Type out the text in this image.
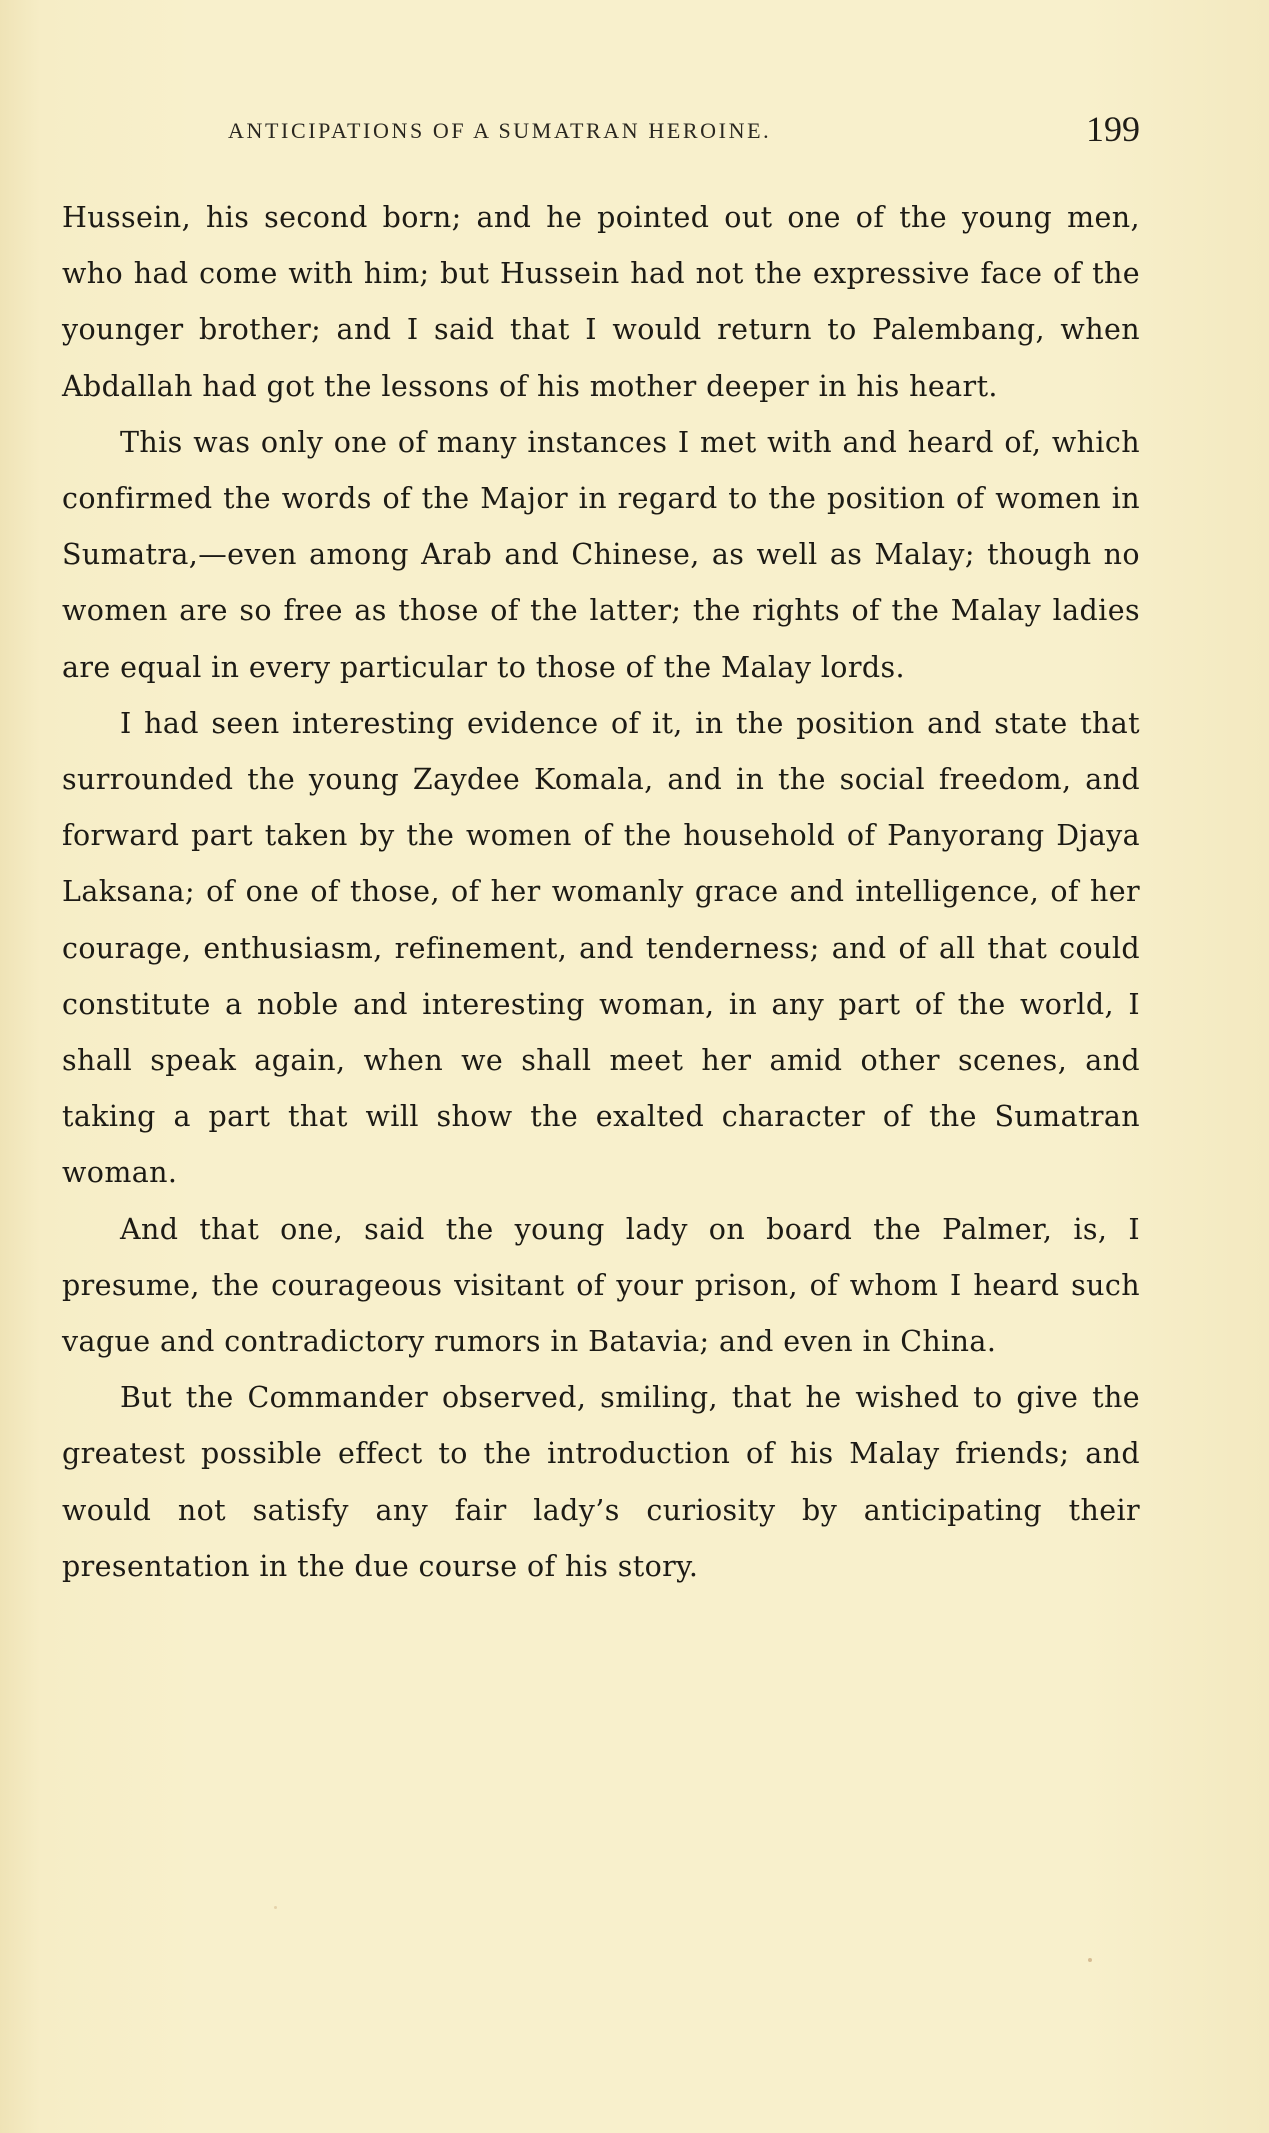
ANTICIPATIONS OF A SUMATRAN HEROINE.	199

Hussein, his second born; and he pointed out one of the young men, who had come with him; but Hussein had not the expressive face of the younger brother; and I said that I would return to Palembang, when Abdallah had got the lessons of his mother deeper in his heart.

This was only one of many instances I met with and heard of, which confirmed the words of the Major in regard to the position of women in Sumatra,—even among Arab and Chinese, as well as Malay; though no women are so free as those of the latter; the rights of the Malay ladies are equal in every particular to those of the Malay lords.

I had seen interesting evidence of it, in the position and state that surrounded the young Zaydee Komala, and in the social freedom, and forward part taken by the women of the household of Panyorang Djaya Laksana; of one of those, of her womanly grace and intelligence, of her courage, enthusiasm, refinement, and tenderness; and of all that could constitute a noble and interesting woman, in any part of the world, I shall speak again, when we shall meet her amid other scenes, and taking a part that will show the exalted character of the Sumatran woman.

And that one, said the young lady on board the Palmer, is, I presume, the courageous visitant of your prison, of whom I heard such vague and contradictory rumors in Batavia; and even in China.

But the Commander observed, smiling, that he wished to give the greatest possible effect to the introduction of his Malay friends; and would not satisfy any fair lady’s curiosity by anticipating their presentation in the due course of his story.
